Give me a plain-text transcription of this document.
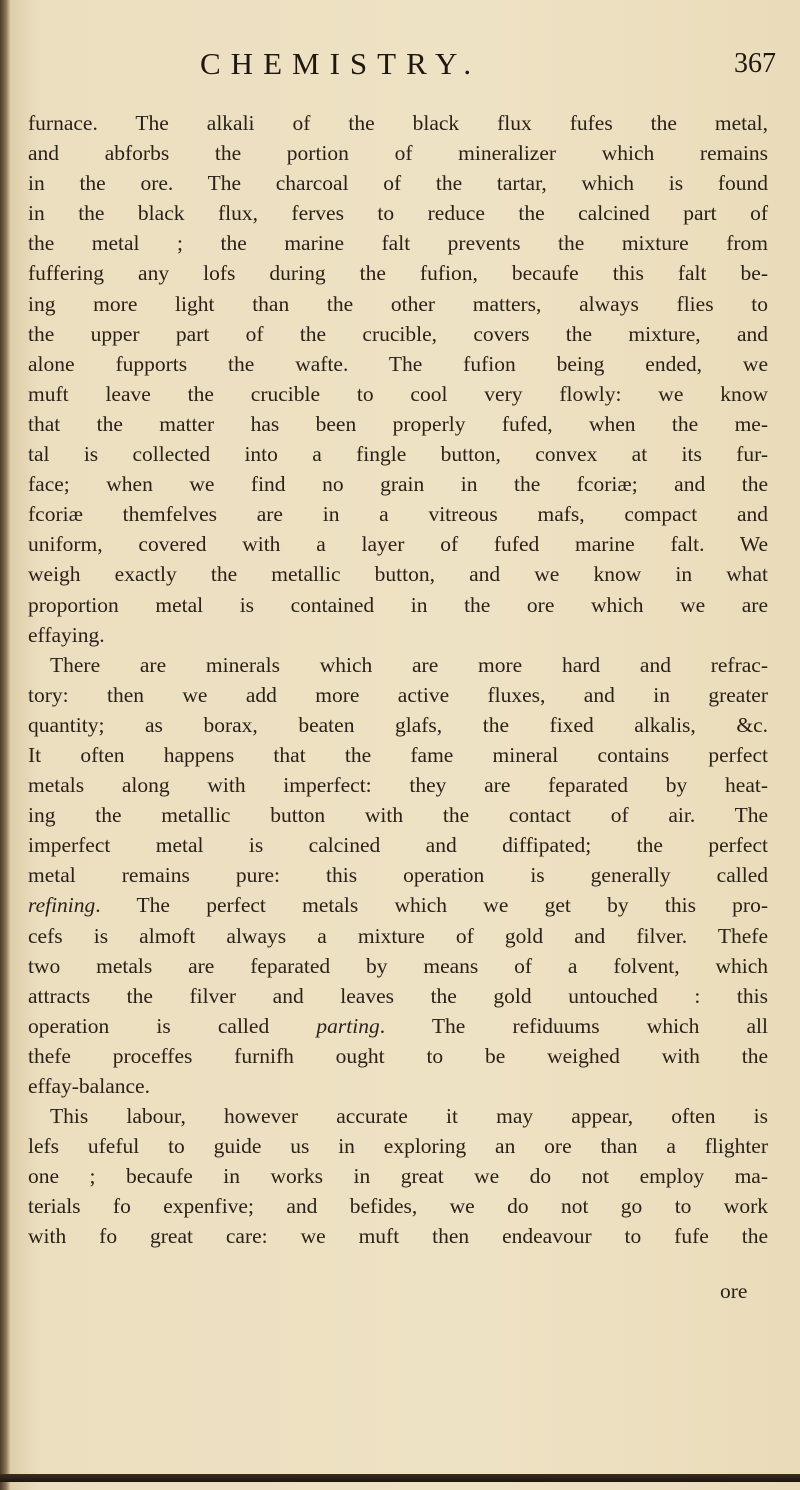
CHEMISTRY.	367
furnace. The alkali of the black flux fufes the metal,
and abforbs the portion of mineralizer which remains
in the ore. The charcoal of the tartar, which is found
in the black flux, ferves to reduce the calcined part of
the metal ; the marine falt prevents the mixture from
fuffering any lofs during the fufion, becaufe this falt be-
ing more light than the other matters, always flies to
the upper part of the crucible, covers the mixture, and
alone fupports the wafte. The fufion being ended, we
muft leave the crucible to cool very flowly: we know
that the matter has been properly fufed, when the me-
tal is collected into a fingle button, convex at its fur-
face; when we find no grain in the fcoriæ; and the
fcoriæ themfelves are in a vitreous mafs, compact and
uniform, covered with a layer of fufed marine falt. We
weigh exactly the metallic button, and we know in what
proportion metal is contained in the ore which we are
effaying.
There are minerals which are more hard and refrac-
tory: then we add more active fluxes, and in greater
quantity; as borax, beaten glafs, the fixed alkalis, &c.
It often happens that the fame mineral contains perfect
metals along with imperfect: they are feparated by heat-
ing the metallic button with the contact of air. The
imperfect metal is calcined and diffipated; the perfect
metal remains pure: this operation is generally called
refining. The perfect metals which we get by this pro-
cefs is almoft always a mixture of gold and filver. Thefe
two metals are feparated by means of a folvent, which
attracts the filver and leaves the gold untouched : this
operation is called parting. The refiduums which all
thefe proceffes furnifh ought to be weighed with the
effay-balance.
This labour, however accurate it may appear, often is
lefs ufeful to guide us in exploring an ore than a flighter
one ; becaufe in works in great we do not employ ma-
terials fo expenfive; and befides, we do not go to work
with fo great care: we muft then endeavour to fufe the
ore
